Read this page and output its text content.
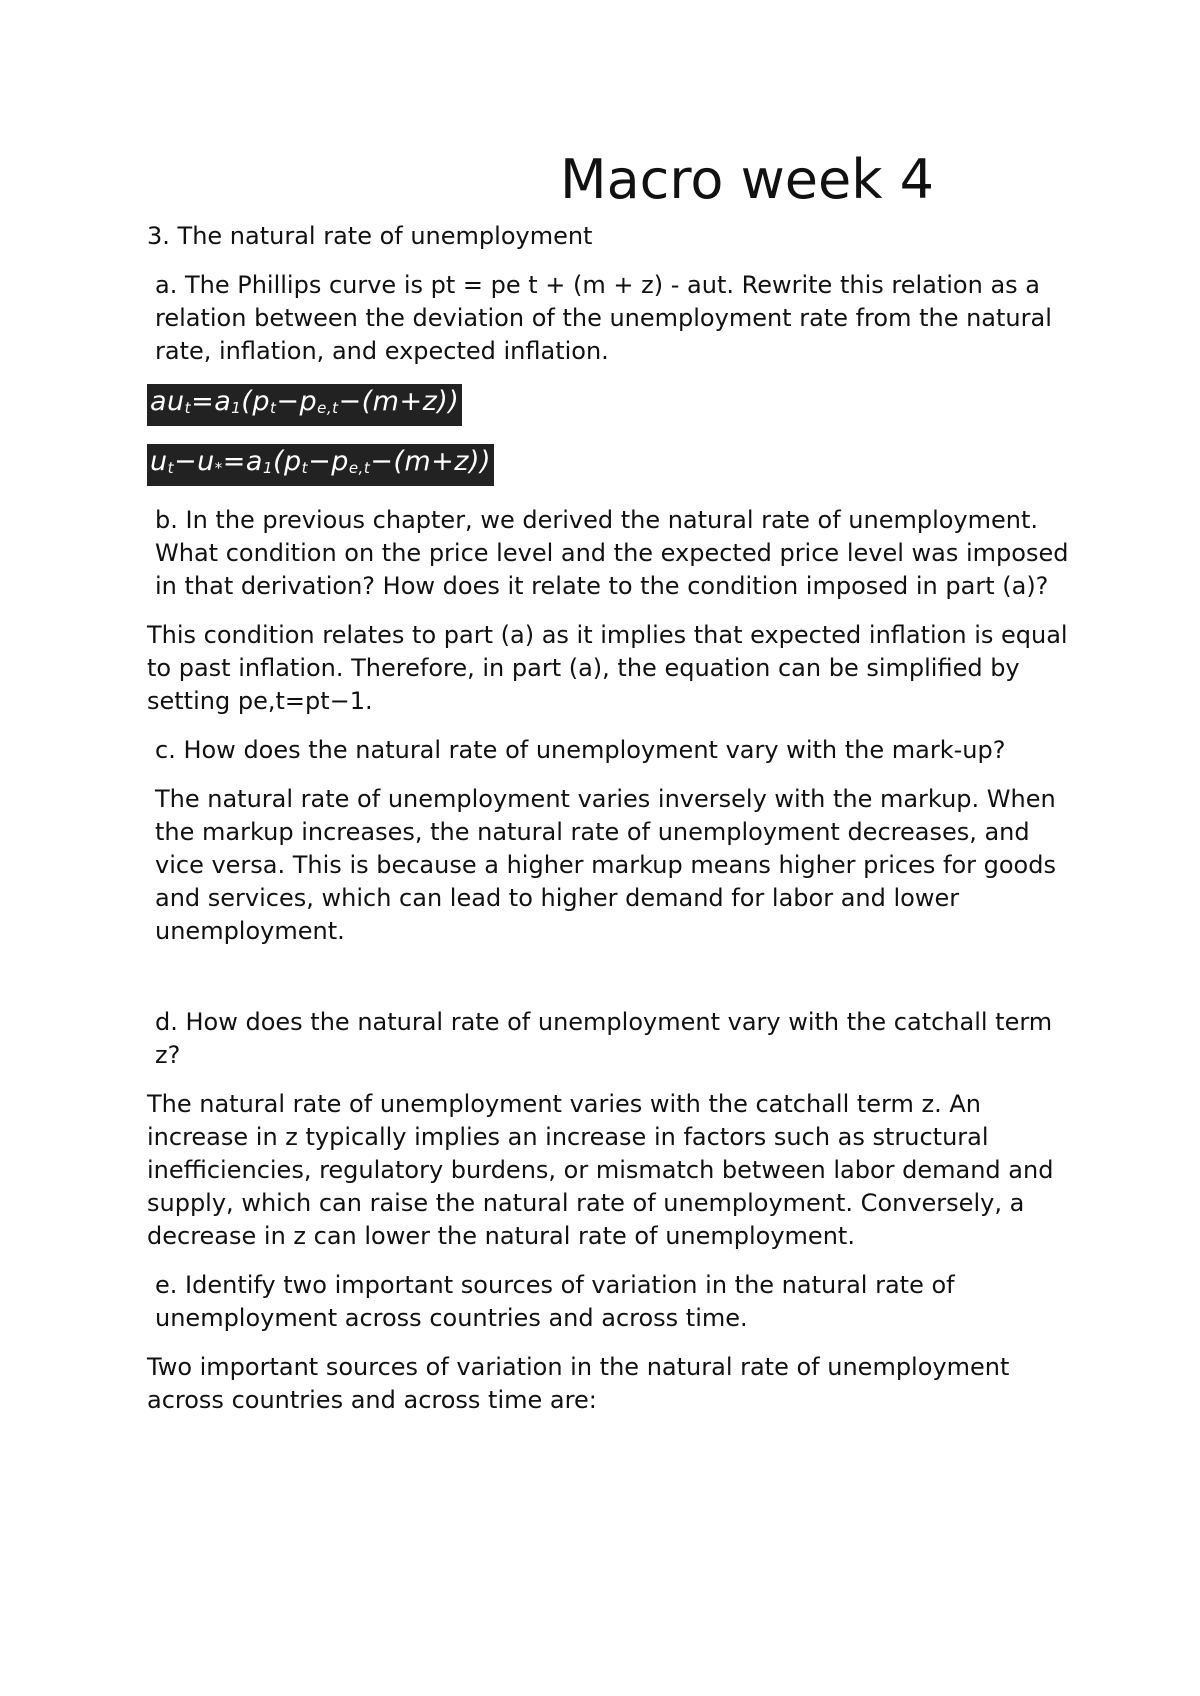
Macro week 4

3. The natural rate of unemployment

a. The Phillips curve is pt = pe t + (m + z) - aut. Rewrite this relation as a relation between the deviation of the unemployment rate from the natural rate, inflation, and expected inflation.

$au_t=a_1(p_t-p_{e,t}-(m+z))$
$u_t-u_*=a_1(p_t-p_{e,t}-(m+z))$

b. In the previous chapter, we derived the natural rate of unemployment. What condition on the price level and the expected price level was imposed in that derivation? How does it relate to the condition imposed in part (a)?

This condition relates to part (a) as it implies that expected inflation is equal to past inflation. Therefore, in part (a), the equation can be simplified by setting pe,t=pt−1.

c. How does the natural rate of unemployment vary with the mark-up?

The natural rate of unemployment varies inversely with the markup. When the markup increases, the natural rate of unemployment decreases, and vice versa. This is because a higher markup means higher prices for goods and services, which can lead to higher demand for labor and lower unemployment.

d. How does the natural rate of unemployment vary with the catchall term z?

The natural rate of unemployment varies with the catchall term z. An increase in z typically implies an increase in factors such as structural inefficiencies, regulatory burdens, or mismatch between labor demand and supply, which can raise the natural rate of unemployment. Conversely, a decrease in z can lower the natural rate of unemployment.

e. Identify two important sources of variation in the natural rate of unemployment across countries and across time.

Two important sources of variation in the natural rate of unemployment across countries and across time are:
